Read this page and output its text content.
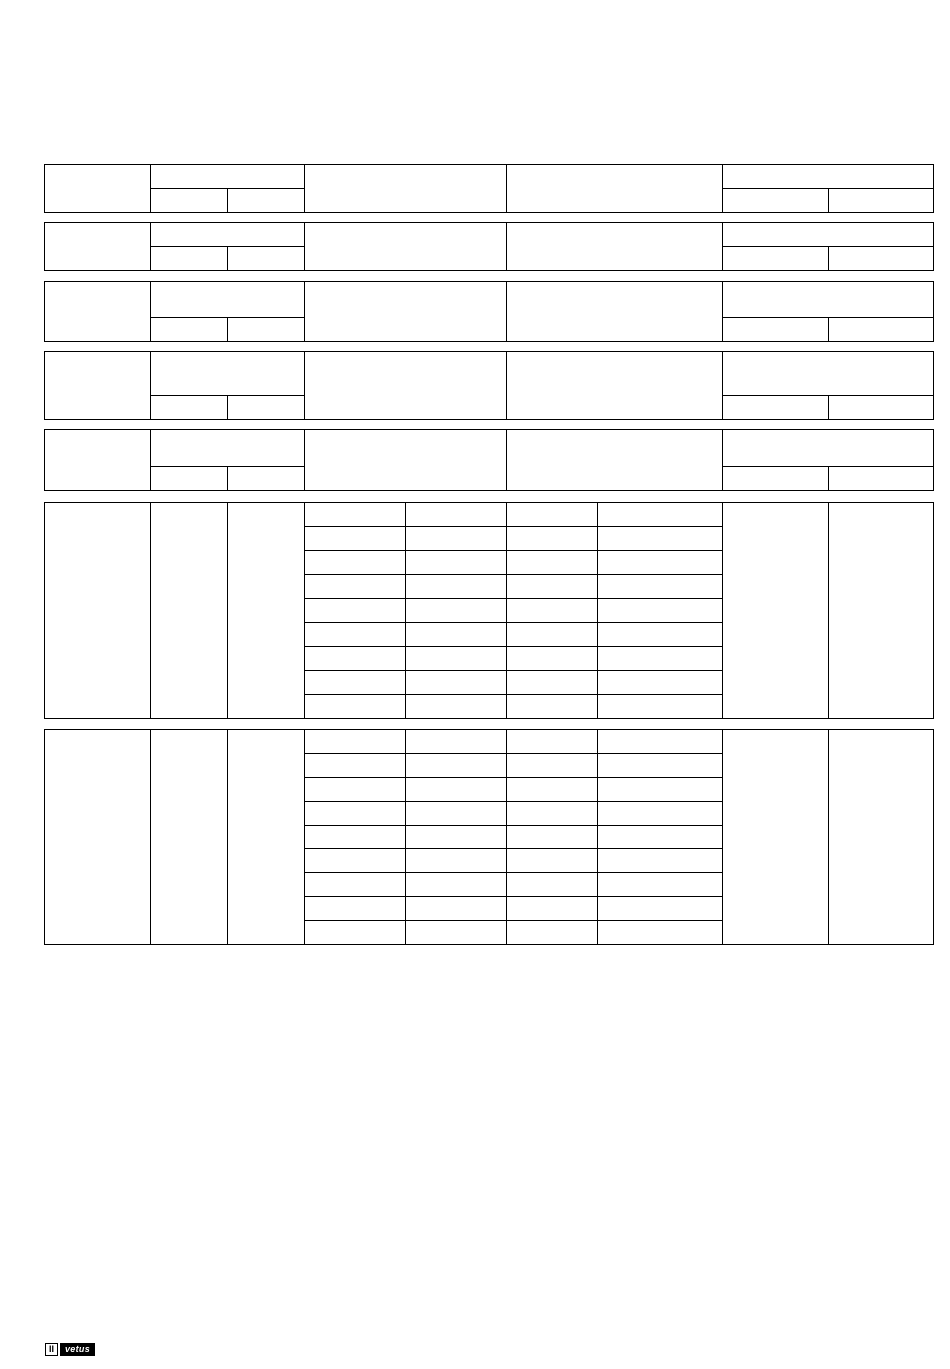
II	vetus
